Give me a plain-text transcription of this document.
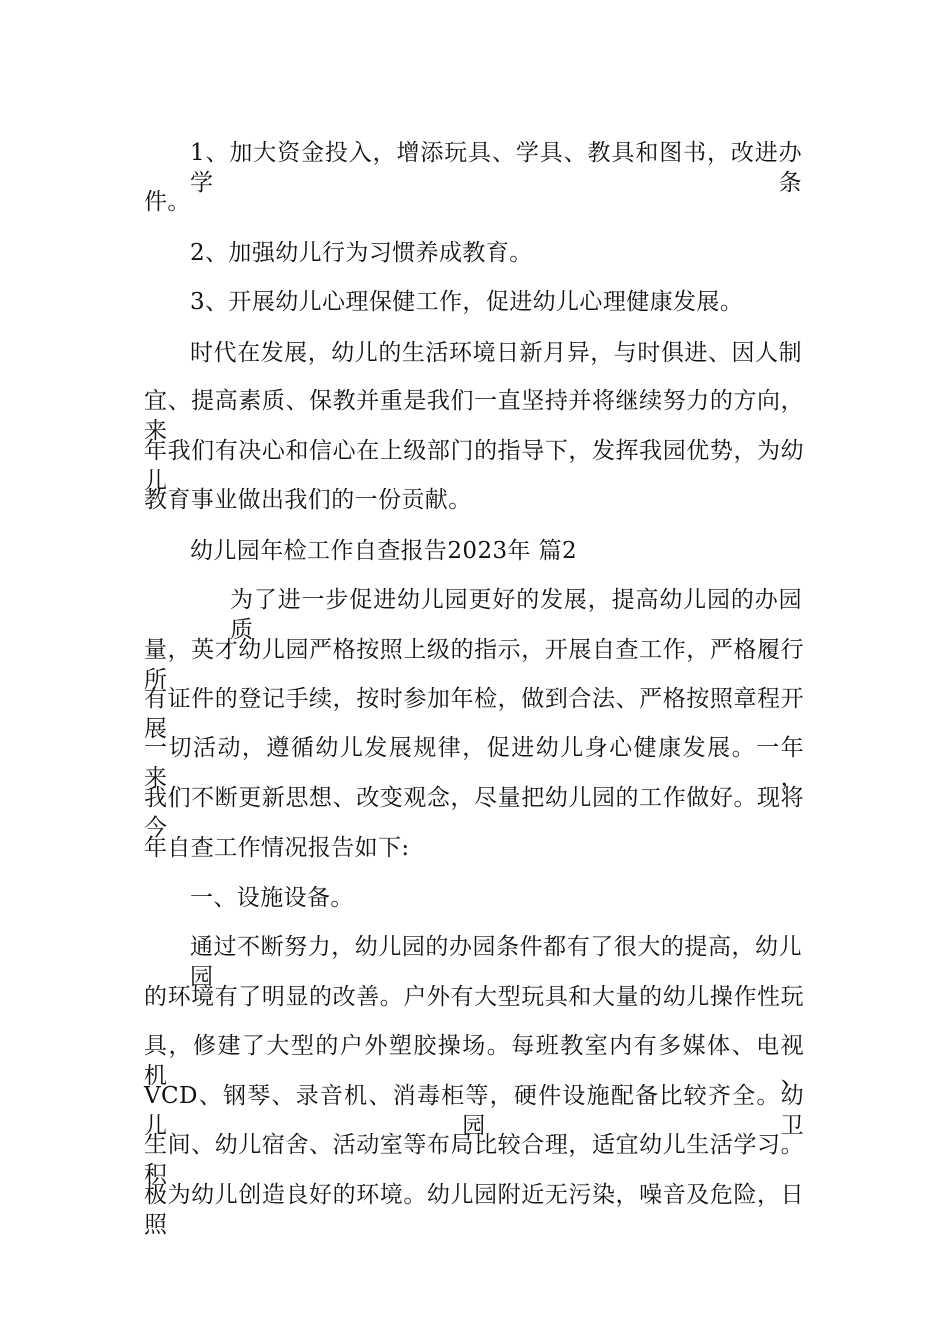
1、加大资金投入，增添玩具、学具、教具和图书，改进办学条
件。
2、加强幼儿行为习惯养成教育。
3、开展幼儿心理保健工作，促进幼儿心理健康发展。
时代在发展，幼儿的生活环境日新月异，与时俱进、因人制
宜、提高素质、保教并重是我们一直坚持并将继续努力的方向，来
年我们有决心和信心在上级部门的指导下，发挥我园优势，为幼儿
教育事业做出我们的一份贡献。
幼儿园年检工作自查报告2023年 篇2
为了进一步促进幼儿园更好的发展，提高幼儿园的办园质
量，英才幼儿园严格按照上级的指示，开展自查工作，严格履行所
有证件的登记手续，按时参加年检，做到合法、严格按照章程开展
一切活动，遵循幼儿发展规律，促进幼儿身心健康发展。一年来，
我们不断更新思想、改变观念，尽量把幼儿园的工作做好。现将今
年自查工作情况报告如下:
一、设施设备。
通过不断努力，幼儿园的办园条件都有了很大的提高，幼儿园
的环境有了明显的改善。户外有大型玩具和大量的幼儿操作性玩
具，修建了大型的户外塑胶操场。每班教室内有多媒体、电视机、
VCD、钢琴、录音机、消毒柜等，硬件设施配备比较齐全。幼儿园卫
生间、幼儿宿舍、活动室等布局比较合理，适宜幼儿生活学习。积
极为幼儿创造良好的环境。幼儿园附近无污染，噪音及危险，日照
